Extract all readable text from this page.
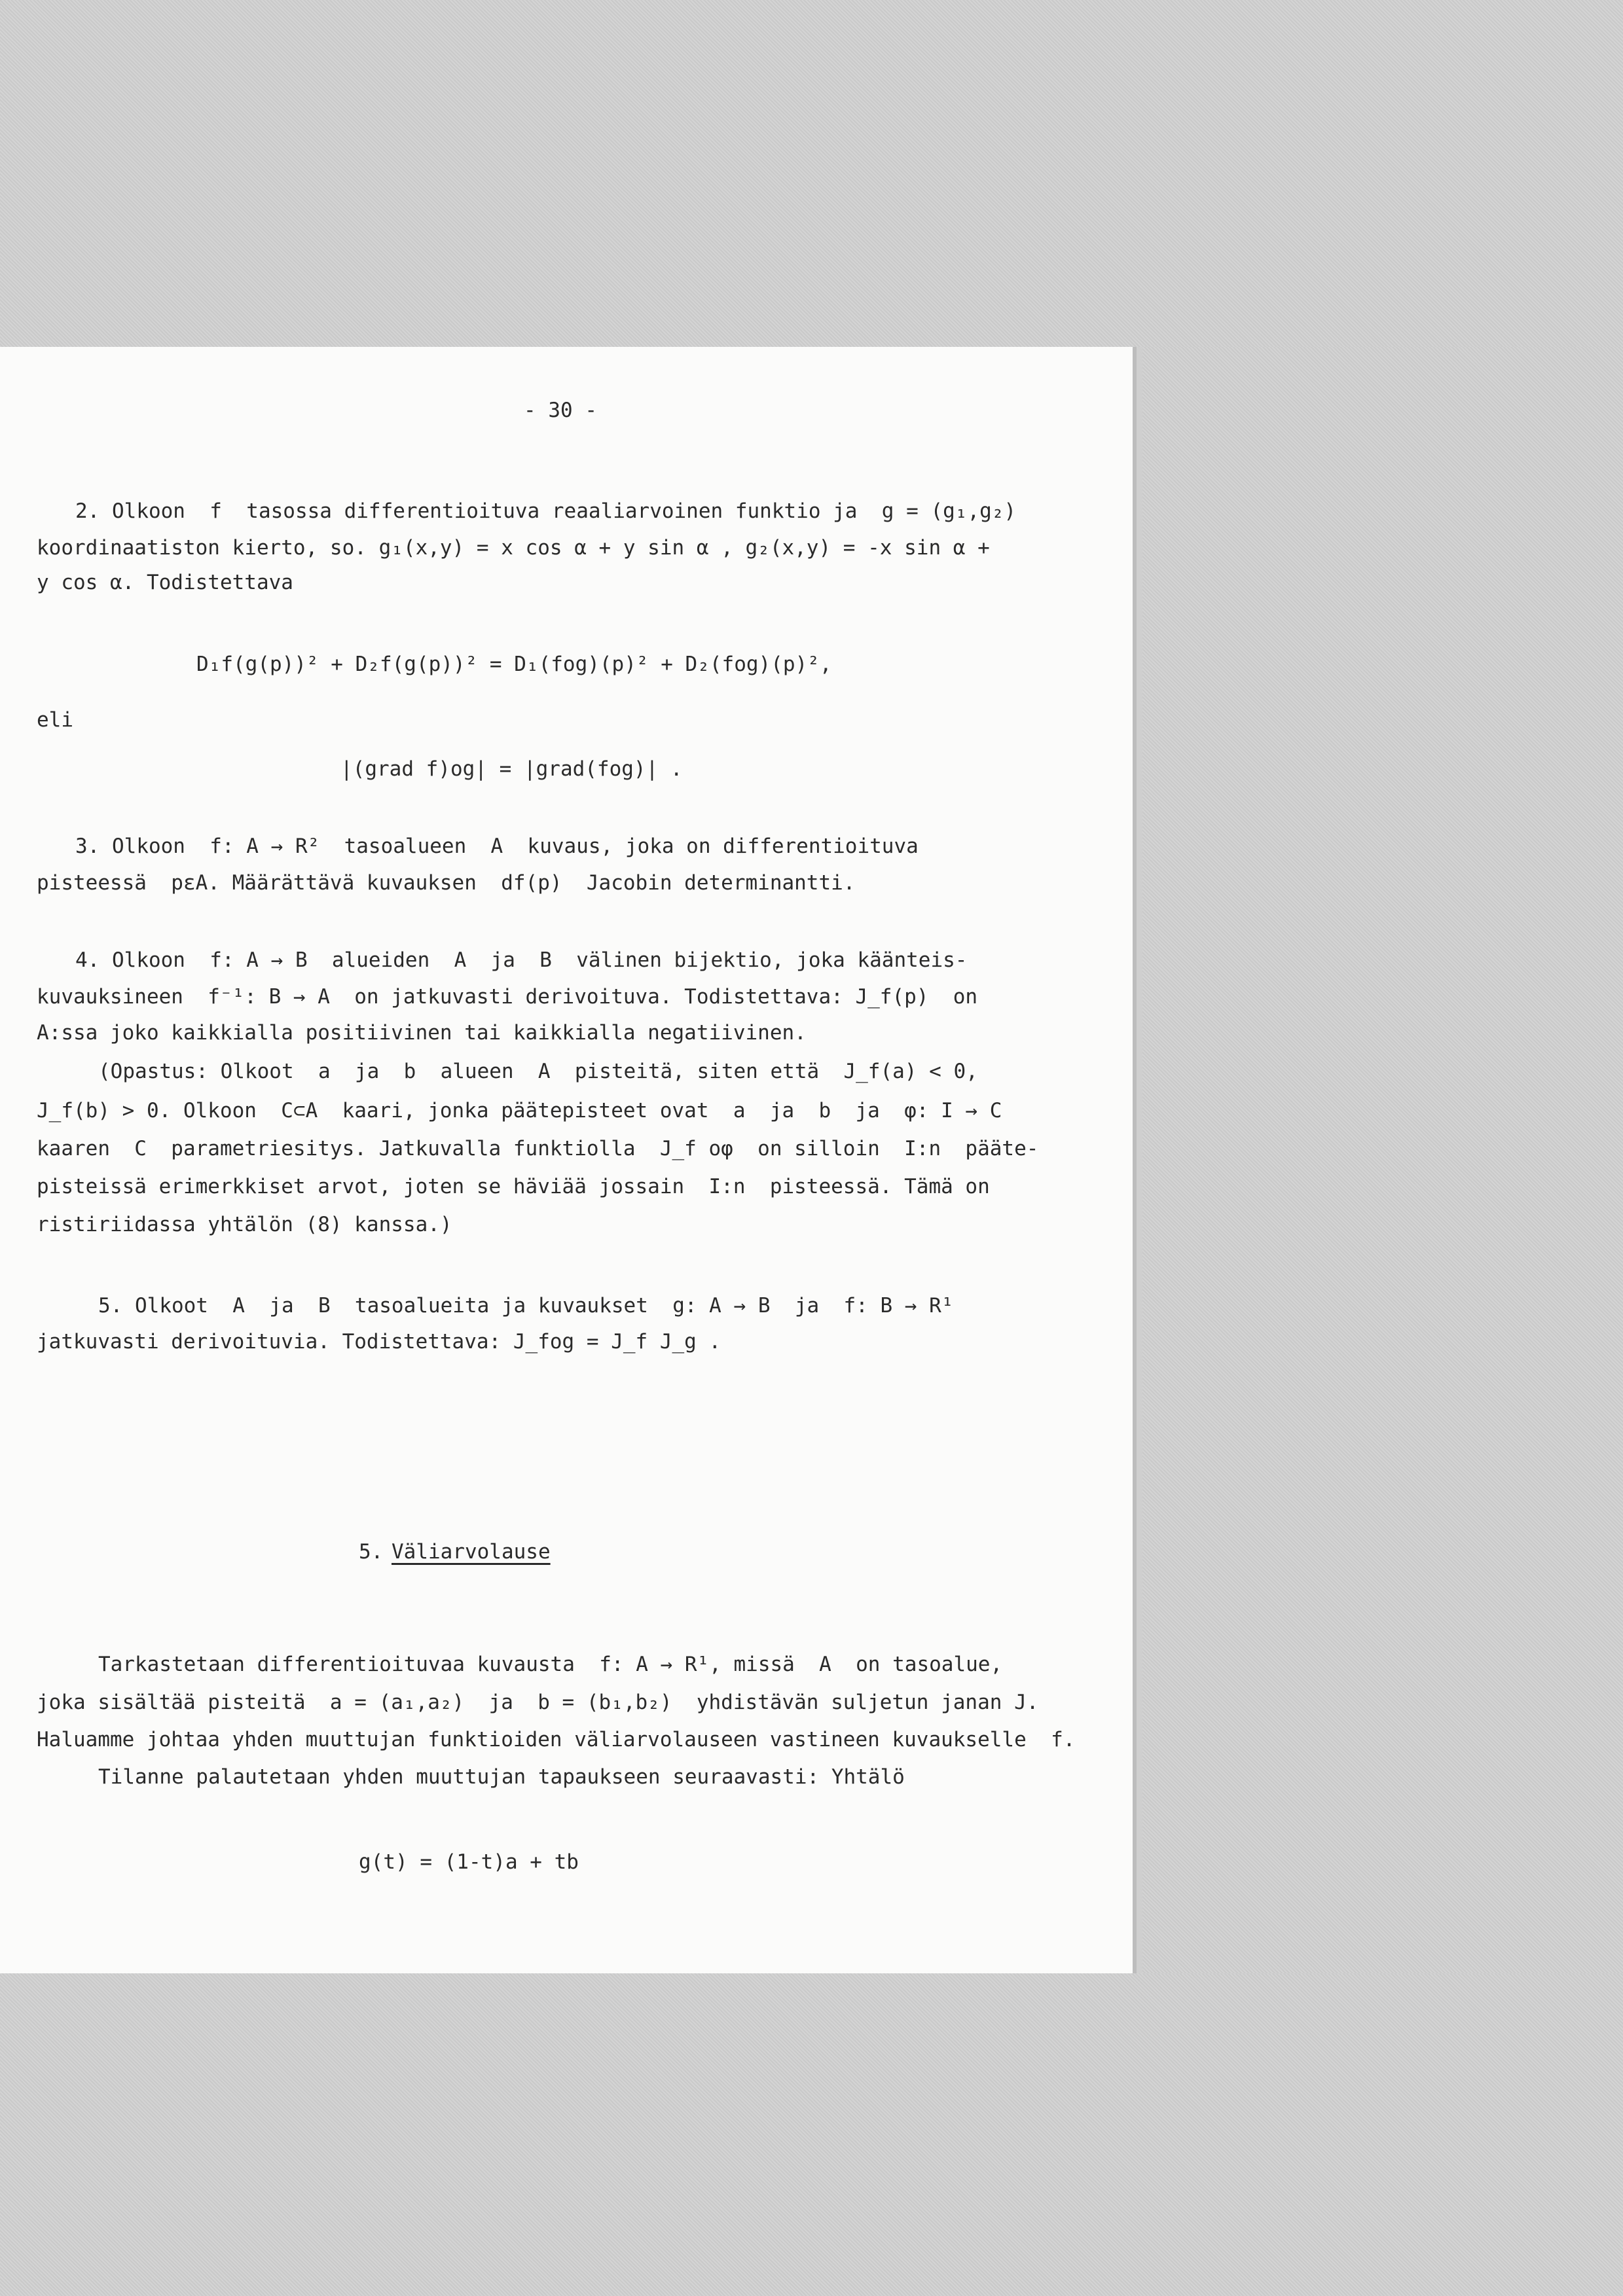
- 30 -
2. Olkoon  f  tasossa differentioituva reaaliarvoinen funktio ja  g = (g₁,g₂)
koordinaatiston kierto, so. g₁(x,y) = x cos α + y sin α , g₂(x,y) = -x sin α +
y cos α. Todistettava
D₁f(g(p))² + D₂f(g(p))² = D₁(fog)(p)² + D₂(fog)(p)²,
eli
|(grad f)og| = |grad(fog)| .
3. Olkoon  f: A → R²  tasoalueen  A  kuvaus, joka on differentioituva
pisteessä  pεA. Määrättävä kuvauksen  df(p)  Jacobin determinantti.
4. Olkoon  f: A → B  alueiden  A  ja  B  välinen bijektio, joka käänteis-
kuvauksineen  f⁻¹: B → A  on jatkuvasti derivoituva. Todistettava: J_f(p)  on
A:ssa joko kaikkialla positiivinen tai kaikkialla negatiivinen.
(Opastus: Olkoot  a  ja  b  alueen  A  pisteitä, siten että  J_f(a) < 0,
J_f(b) > 0. Olkoon  C⊂A  kaari, jonka päätepisteet ovat  a  ja  b  ja  φ: I → C
kaaren  C  parametriesitys. Jatkuvalla funktiolla  J_f oφ  on silloin  I:n  pääte-
pisteissä erimerkkiset arvot, joten se häviää jossain  I:n  pisteessä. Tämä on
ristiriidassa yhtälön (8) kanssa.)
5. Olkoot  A  ja  B  tasoalueita ja kuvaukset  g: A → B  ja  f: B → R¹
jatkuvasti derivoituvia. Todistettava: J_fog = J_f J_g .
5. Väliarvolause
Tarkastetaan differentioituvaa kuvausta  f: A → R¹, missä  A  on tasoalue,
joka sisältää pisteitä  a = (a₁,a₂)  ja  b = (b₁,b₂)  yhdistävän suljetun janan J.
Haluamme johtaa yhden muuttujan funktioiden väliarvolauseen vastineen kuvaukselle  f.
Tilanne palautetaan yhden muuttujan tapaukseen seuraavasti: Yhtälö
g(t) = (1-t)a + tb
